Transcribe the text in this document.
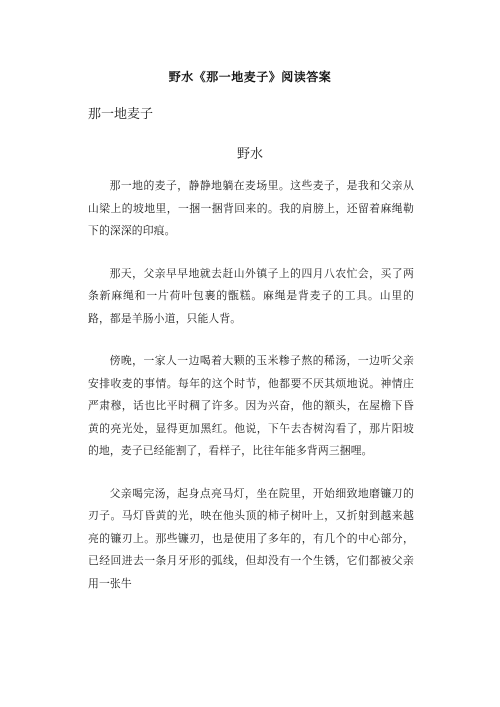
野水《那一地麦子》阅读答案
那一地麦子
野水

那一地的麦子，静静地躺在麦场里。这些麦子，是我和父亲从山梁上的坡地里，一捆一捆背回来的。我的肩膀上，还留着麻绳勒下的深深的印痕。

那天，父亲早早地就去赶山外镇子上的四月八农忙会，买了两条新麻绳和一片荷叶包裹的甑糕。麻绳是背麦子的工具。山里的路，都是羊肠小道，只能人背。

傍晚，一家人一边喝着大颗的玉米糁子熬的稀汤，一边听父亲安排收麦的事情。每年的这个时节，他都要不厌其烦地说。神情庄严肃穆，话也比平时稠了许多。因为兴奋，他的额头，在屋檐下昏黄的亮光处，显得更加黑红。他说，下午去杏树沟看了，那片阳坡的地，麦子已经能割了，看样子，比往年能多背两三捆哩。

父亲喝完汤，起身点亮马灯，坐在院里，开始细致地磨镰刀的刃子。马灯昏黄的光，映在他头顶的柿子树叶上，又折射到越来越亮的镰刃上。那些镰刃，也是使用了多年的，有几个的中心部分，已经回进去一条月牙形的弧线，但却没有一个生锈，它们都被父亲用一张牛
